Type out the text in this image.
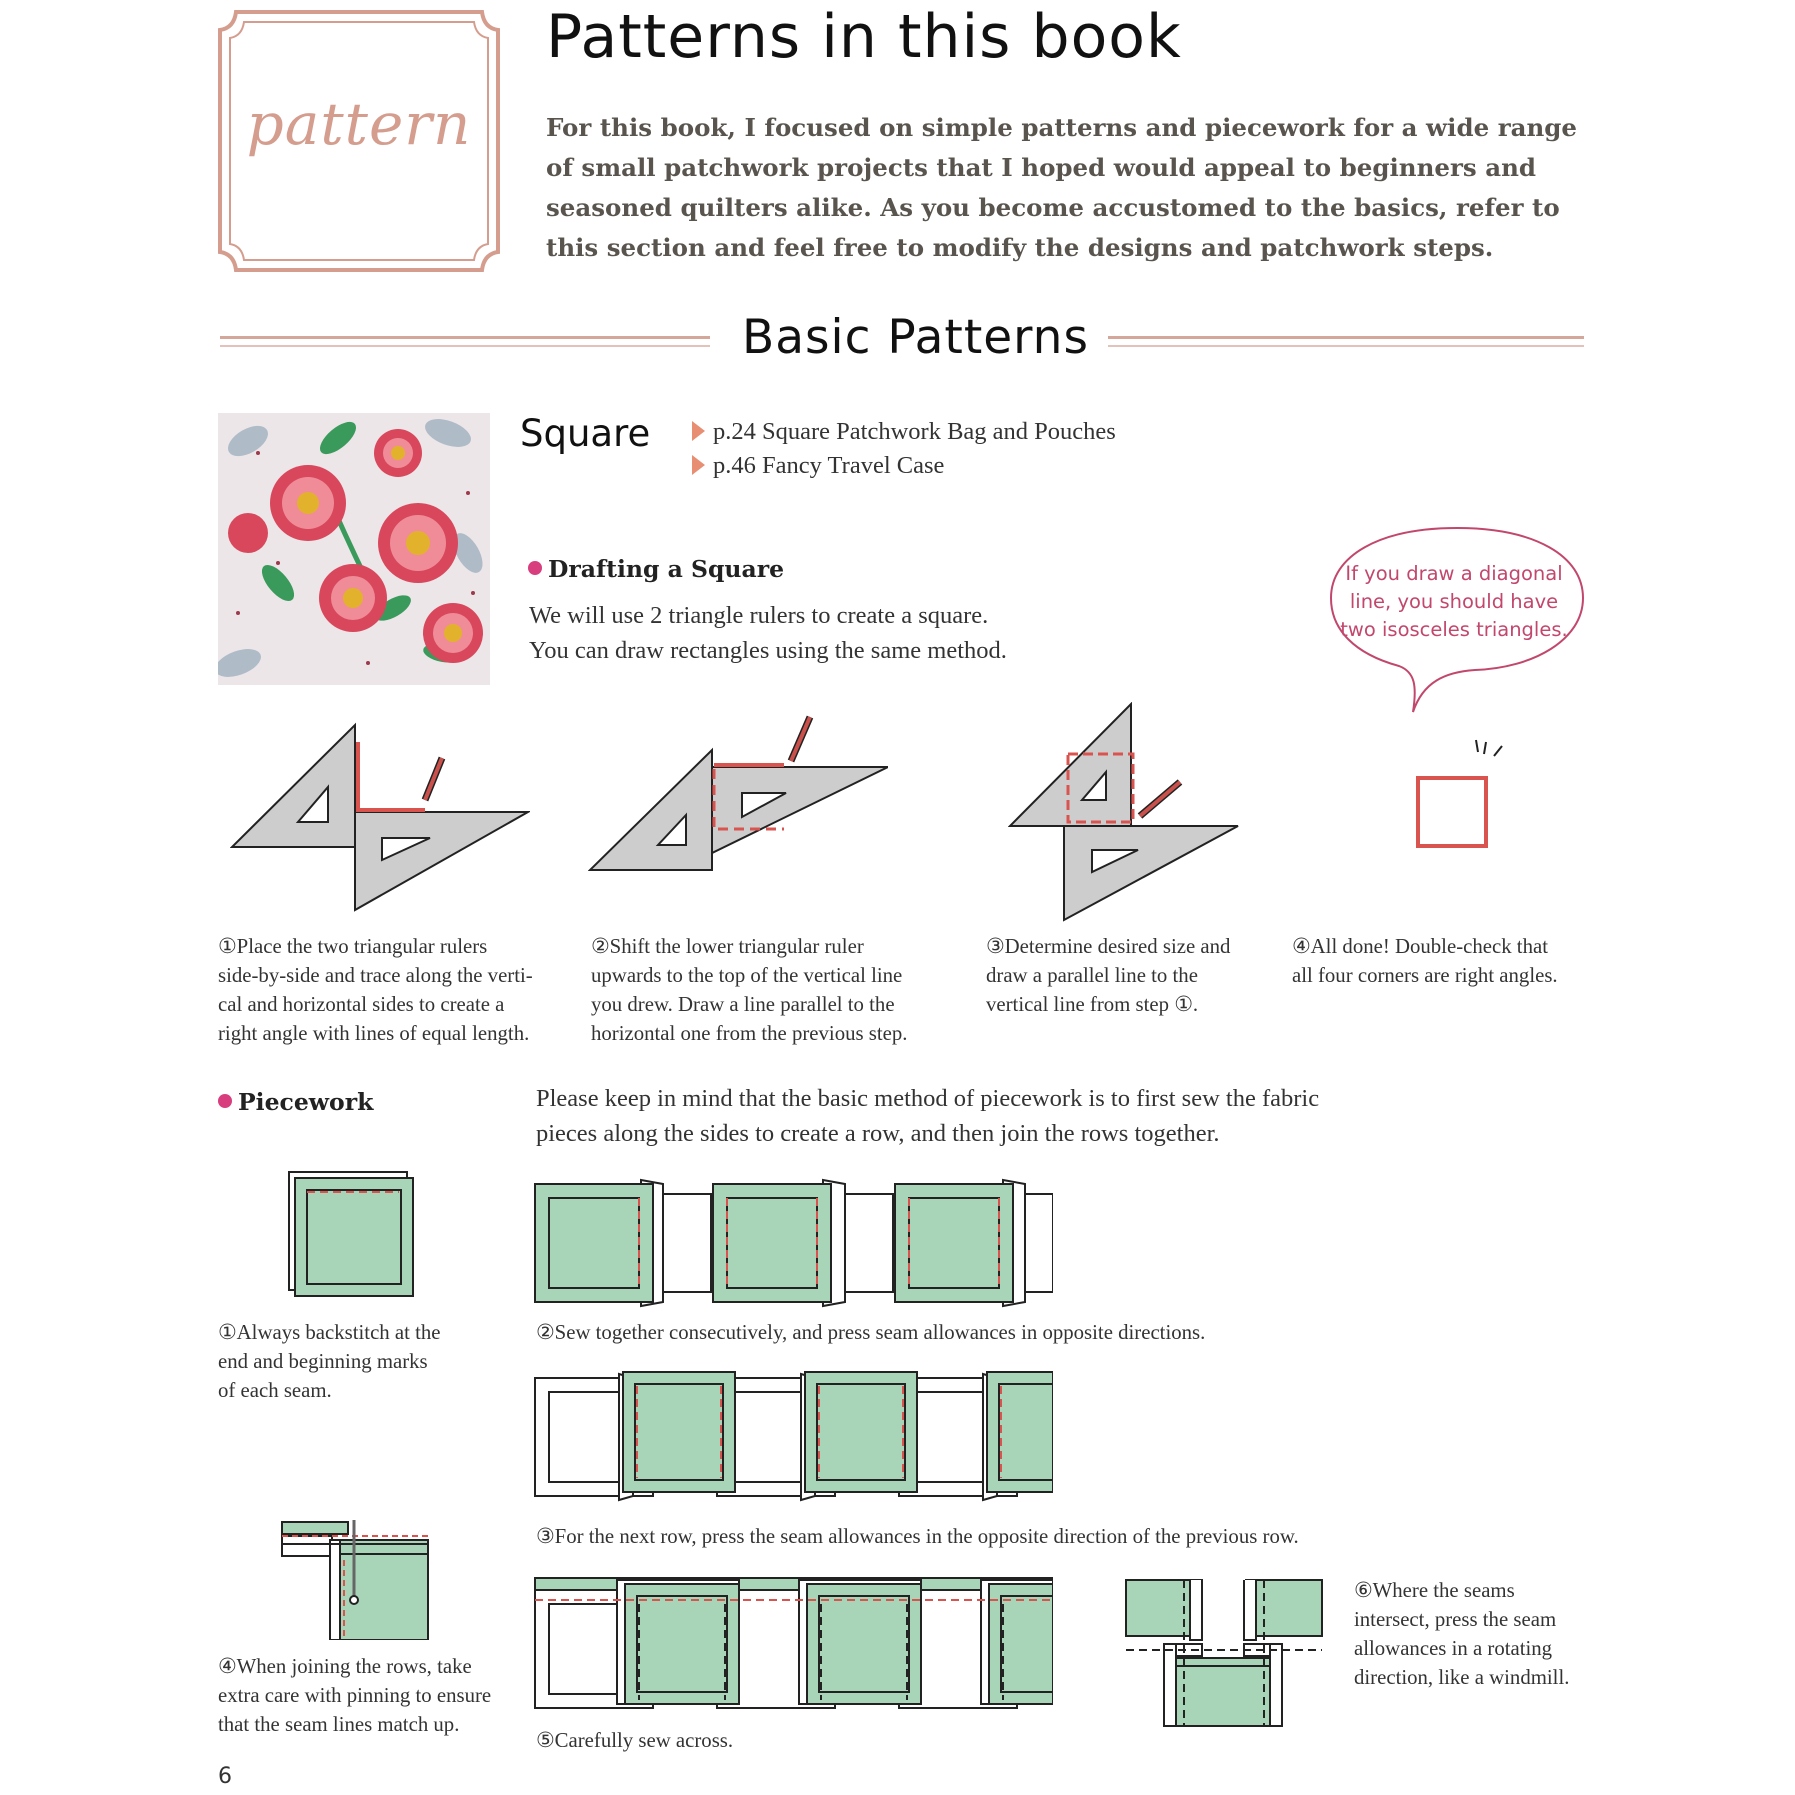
pattern
Patterns in this book
For this book, I focused on simple patterns and piecework for a wide range of small patchwork projects that I hoped would appeal to beginners and seasoned quilters alike. As you become accustomed to the basics, refer to this section and feel free to modify the designs and patchwork steps.
Basic Patterns
Square	p.24 Square Patchwork Bag and Pouches
p.46 Fancy Travel Case
Drafting a Square
We will use 2 triangle rulers to create a square.
You can draw rectangles using the same method.
If you draw a diagonal
line, you should have
two isosceles triangles.
①Place the two triangular rulers
side-by-side and trace along the verti-
cal and horizontal sides to create a
right angle with lines of equal length.
②Shift the lower triangular ruler
upwards to the top of the vertical line
you drew. Draw a line parallel to the
horizontal one from the previous step.
③Determine desired size and
draw a parallel line to the
vertical line from step ①.
④All done! Double-check that
all four corners are right angles.
Piecework	Please keep in mind that the basic method of piecework is to first sew the fabric
pieces along the sides to create a row, and then join the rows together.
①Always backstitch at the
end and beginning marks
of each seam.
②Sew together consecutively, and press seam allowances in opposite directions.
③For the next row, press the seam allowances in the opposite direction of the previous row.
④When joining the rows, take
extra care with pinning to ensure
that the seam lines match up.
⑤Carefully sew across.
⑥Where the seams
intersect, press the seam
allowances in a rotating
direction, like a windmill.
6
